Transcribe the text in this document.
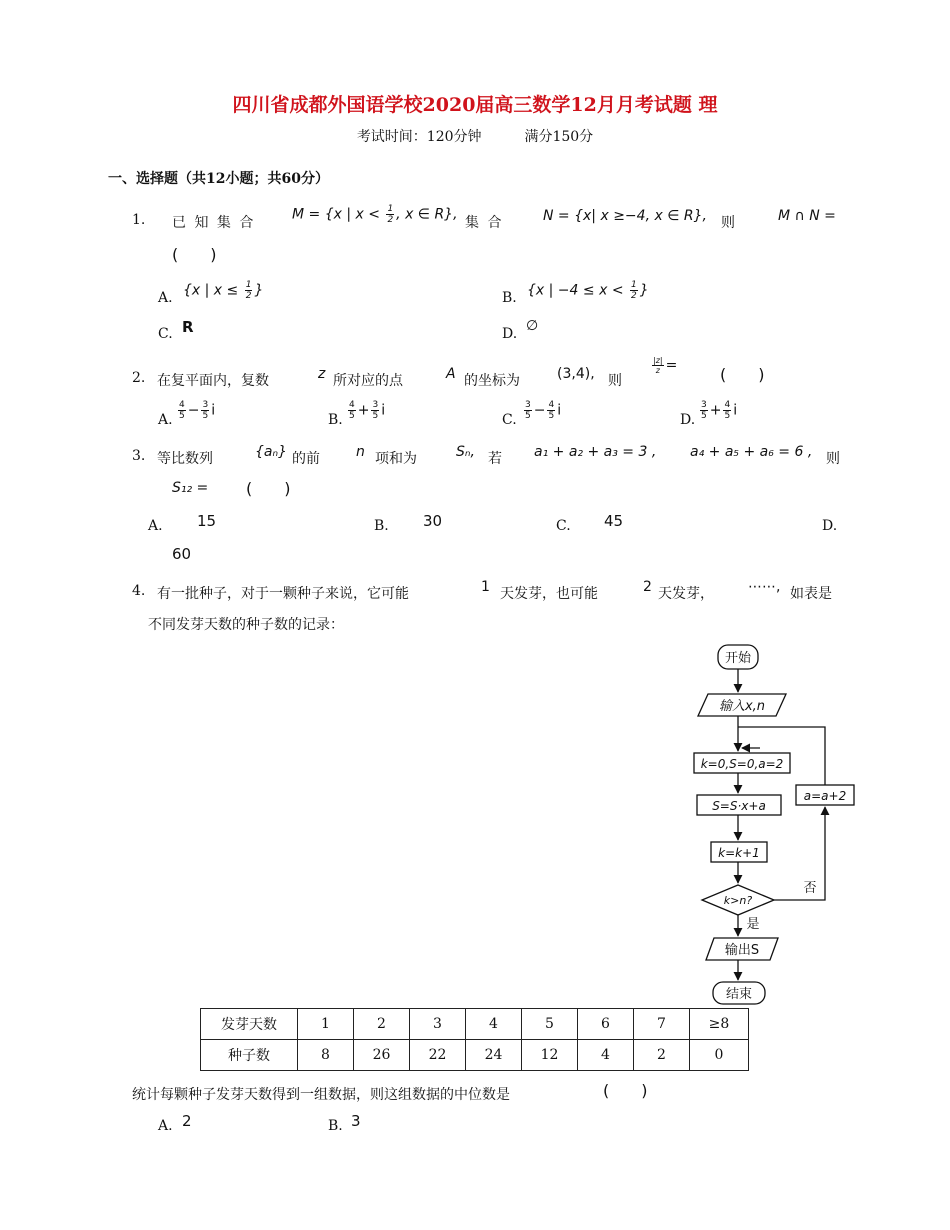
四川省成都外国语学校2020届高三数学12月月考试题 理
考试时间：120分钟	满分150分
一、选择题（共12小题；共60分）
1. 已 知 集 合
M = {x | $x < \frac{1}{2}$ , x ∈ R},
集 合	N = {x| x ≥−4, x ∈ R}, 则	M ∩ N =
(　　)
A. {x | $x \le \frac{1}{2}$ }	B. {x | $-4 \le x < \frac{1}{2}$ }
C. R	D. ∅
2. 在复平面内，复数	z 所对应的点	A 的坐标为	(3,4), 则
$\frac{|z|}{z}$ =	(　　)
A. $\frac{4}{5} - \frac{3}{5}$ i
B. $\frac{4}{5} + \frac{3}{5}$ i
C. $\frac{3}{5} - \frac{4}{5}$ i
D. $\frac{3}{5} + \frac{4}{5}$ i
3. 等比数列	{aₙ} 的前	n 项和为	Sₙ, 若 a₁ + a₂ + a₃ = 3 , a₄ + a₅ + a₆ = 6 , 则
S₁₂ = (　　)
A. 15	B. 30	C. 45	D.
60
4. 有一批种子，对于一颗种子来说，它可能	1 天发芽，也可能	2 天发芽， ⋯⋯, 如表是
不同发芽天数的种子数的记录：
开始
输入x,n
k=0,S=0,a=2
S=S·x+a
k=k+1
k>n?
a=a+2
否
是
输出S
结束
发芽天数	1	2	3	4	5	6	7	≥8
种子数	8	26	22	24	12	4	2	0
统计每颗种子发芽天数得到一组数据，则这组数据的中位数是	(　　)
A. 2	B. 3
